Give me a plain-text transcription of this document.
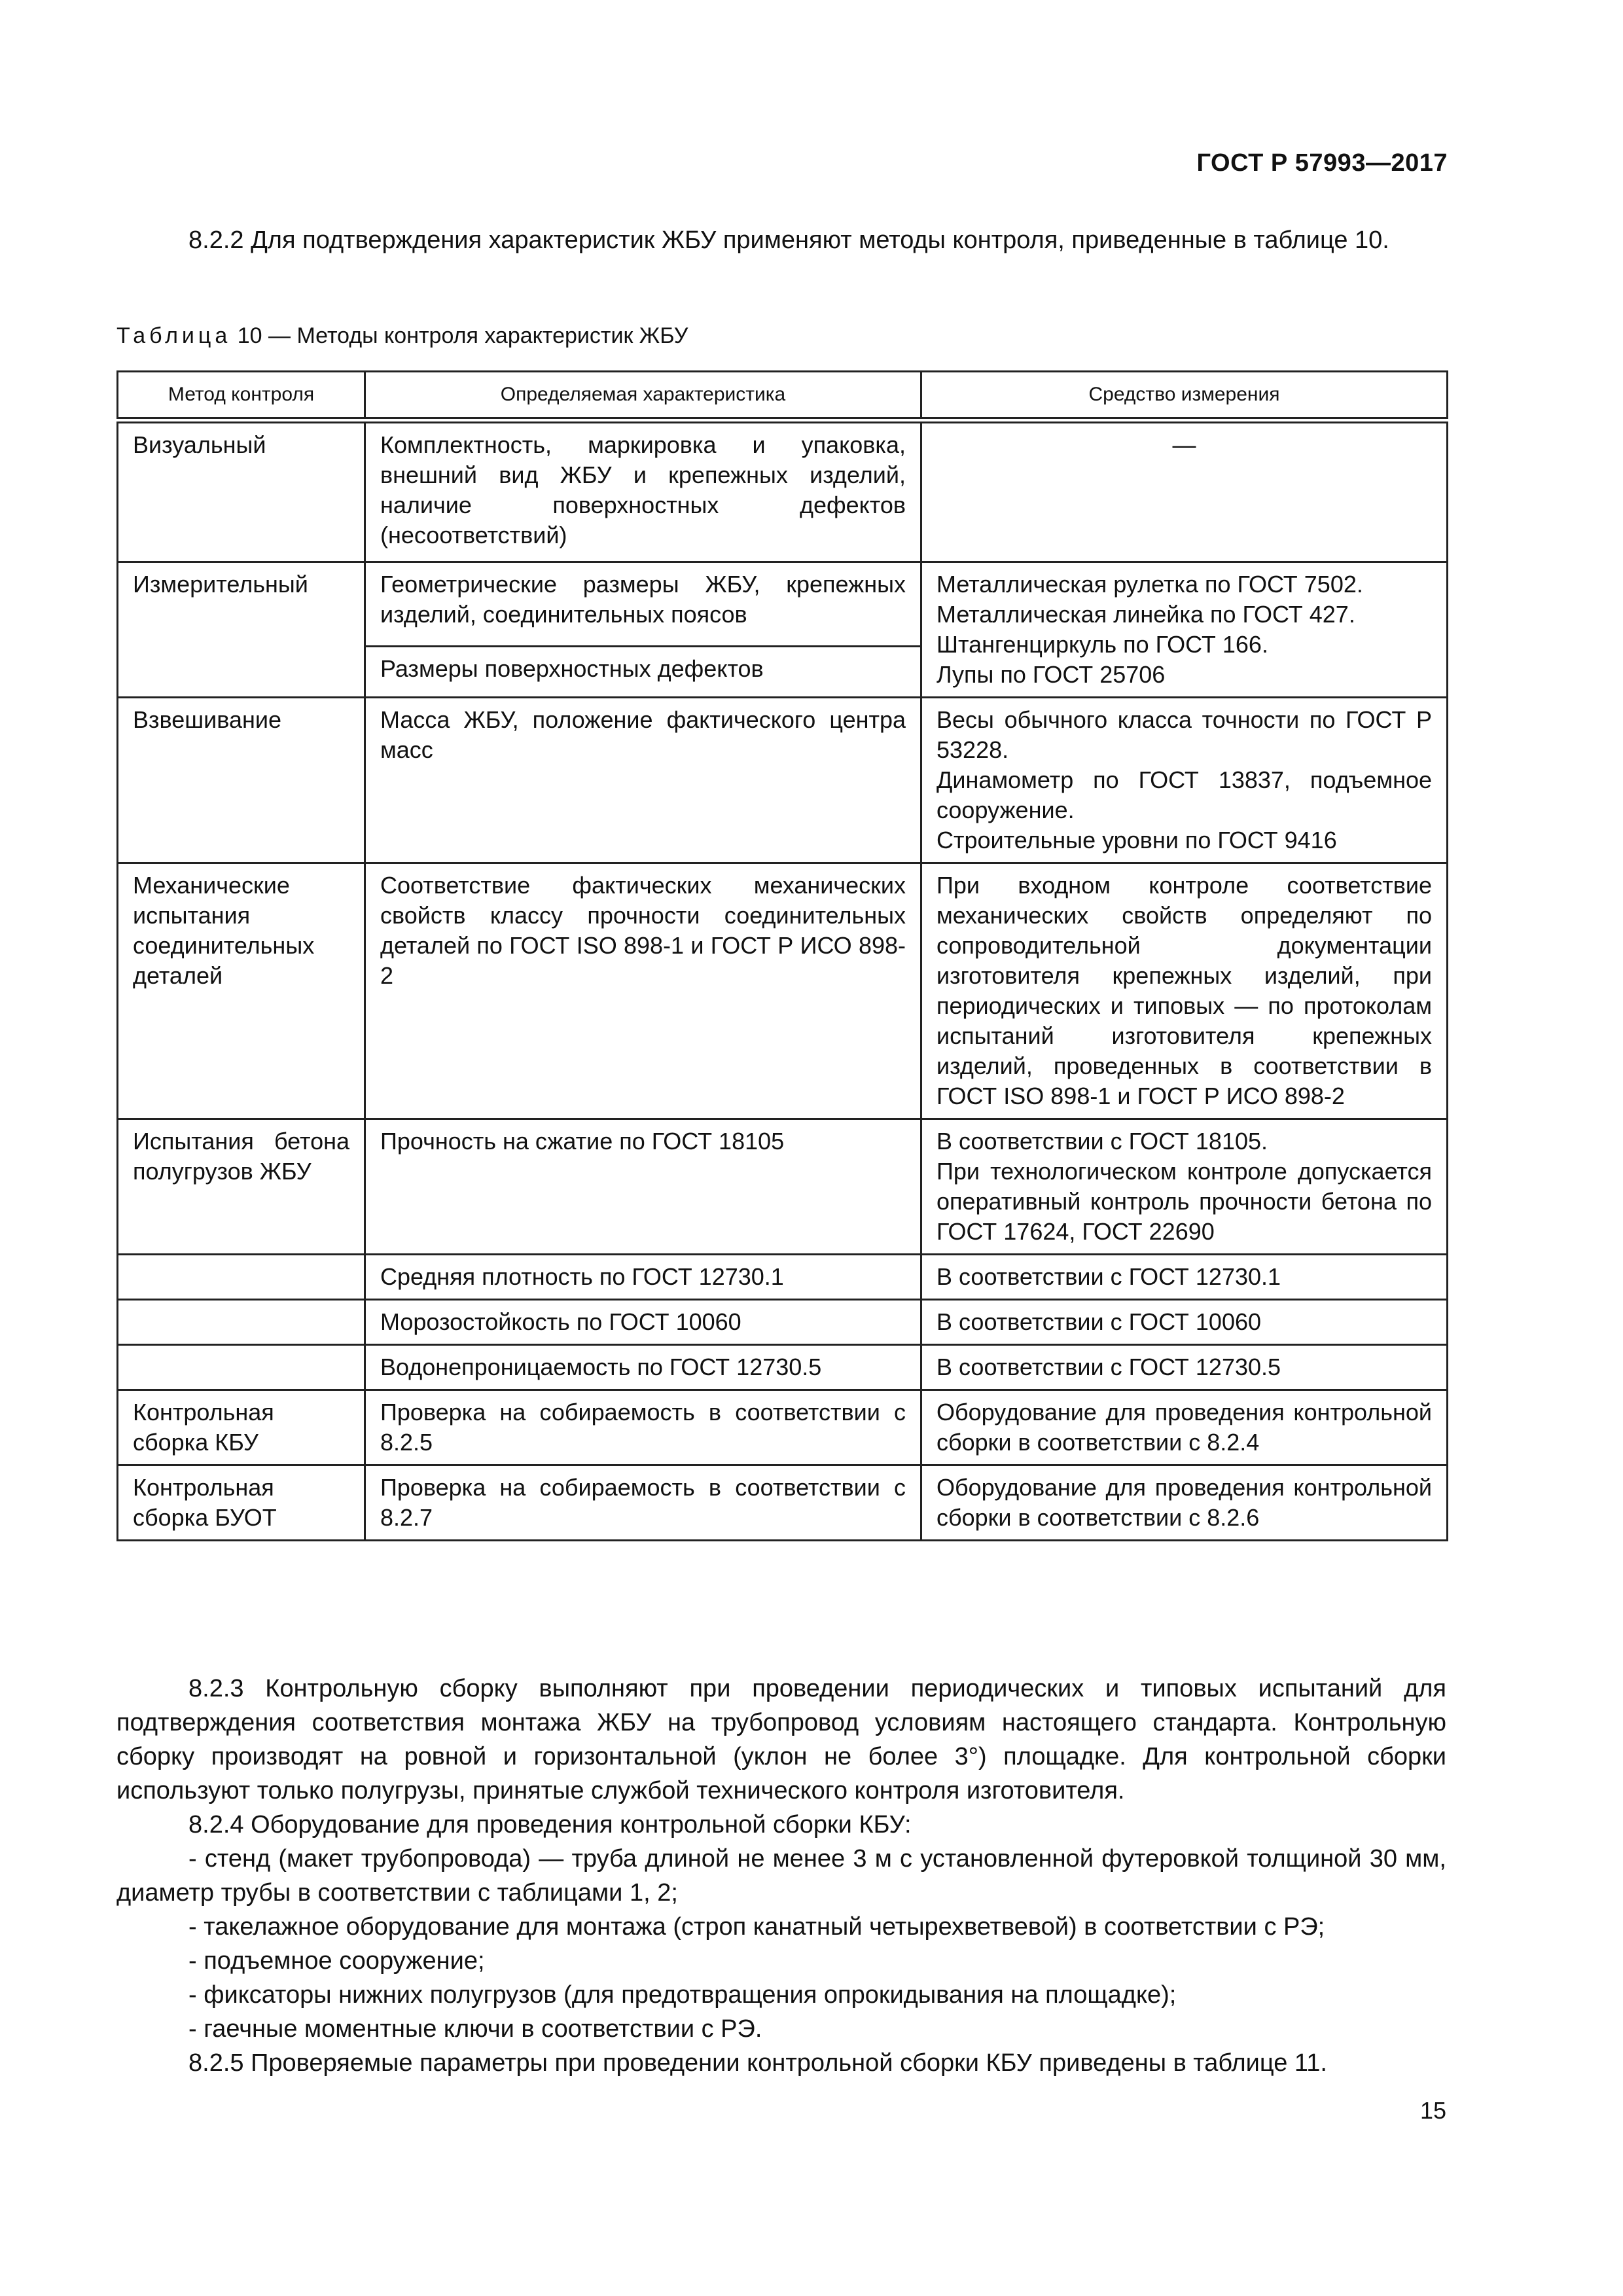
ГОСТ Р 57993—2017
8.2.2 Для подтверждения характеристик ЖБУ применяют методы контроля, приведенные в таблице 10.
Таблица 10 — Методы контроля характеристик ЖБУ
Метод контроля	Определяемая характеристика	Средство измерения
Визуальный	Комплектность, маркировка и упаковка, внешний вид ЖБУ и крепежных изделий, наличие поверхностных дефектов (несоответствий)	—
Измерительный	Геометрические размеры ЖБУ, крепежных изделий, соединительных поясов	Металлическая рулетка по ГОСТ 7502.
Металлическая линейка по ГОСТ 427.
Штангенциркуль по ГОСТ 166.
Лупы по ГОСТ 25706

	Размеры поверхностных дефектов	
Взвешивание	Масса ЖБУ, положение фактического центра масс	Весы обычного класса точности по ГОСТ Р 53228.
Динамометр по ГОСТ 13837, подъемное сооружение.
Строительные уровни по ГОСТ 9416

Механические испытания соединительных деталей	Соответствие фактических механических свойств классу прочности соединительных деталей по ГОСТ ISO 898-1 и ГОСТ Р ИСО 898-2	При входном контроле соответствие механических свойств определяют по сопроводительной документации изготовителя крепежных изделий, при периодических и типовых — по протоколам испытаний изготовителя крепежных изделий, проведенных в соответствии в ГОСТ ISO 898-1 и ГОСТ Р ИСО 898-2
Испытания бетона полугрузов ЖБУ	Прочность на сжатие по ГОСТ 18105	В соответствии с ГОСТ 18105.
При технологическом контроле допускается оперативный контроль прочности бетона по ГОСТ 17624, ГОСТ 22690

	Средняя плотность по ГОСТ 12730.1	В соответствии с ГОСТ 12730.1
	Морозостойкость по ГОСТ 10060	В соответствии с ГОСТ 10060
	Водонепроницаемость по ГОСТ 12730.5	В соответствии с ГОСТ 12730.5
Контрольная сборка КБУ	Проверка на собираемость в соответствии с 8.2.5	Оборудование для проведения контрольной сборки в соответствии с 8.2.4
Контрольная сборка БУОТ	Проверка на собираемость в соответствии с 8.2.7	Оборудование для проведения контрольной сборки в соответствии с 8.2.6

8.2.3 Контрольную сборку выполняют при проведении периодических и типовых испытаний для подтверждения соответствия монтажа ЖБУ на трубопровод условиям настоящего стандарта. Контрольную сборку производят на ровной и горизонтальной (уклон не более 3°) площадке. Для контрольной сборки используют только полугрузы, принятые службой технического контроля изготовителя.

8.2.4 Оборудование для проведения контрольной сборки КБУ:

- стенд (макет трубопровода) — труба длиной не менее 3 м с установленной футеровкой толщиной 30 мм, диаметр трубы в соответствии с таблицами 1, 2;

- такелажное оборудование для монтажа (строп канатный четырехветвевой) в соответствии с РЭ;

- подъемное сооружение;

- фиксаторы нижних полугрузов (для предотвращения опрокидывания на площадке);

- гаечные моментные ключи в соответствии с РЭ.

8.2.5 Проверяемые параметры при проведении контрольной сборки КБУ приведены в таблице 11.

15
